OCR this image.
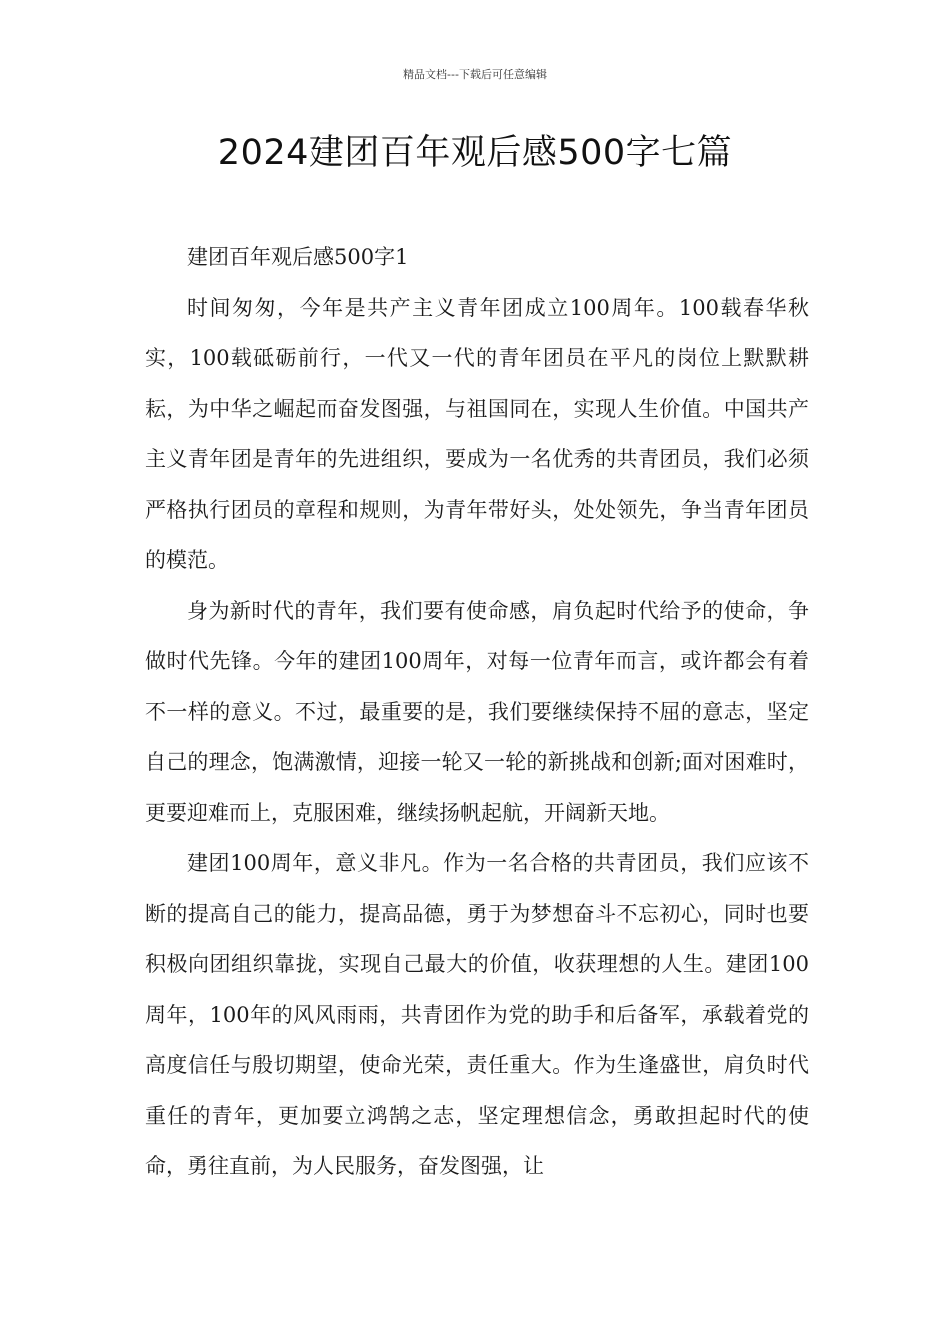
精品文档---下载后可任意编辑
2024建团百年观后感500字七篇

建团百年观后感500字1

时间匆匆，今年是共产主义青年团成立100周年。100载春华秋实，100载砥砺前行，一代又一代的青年团员在平凡的岗位上默默耕耘，为中华之崛起而奋发图强，与祖国同在，实现人生价值。中国共产主义青年团是青年的先进组织，要成为一名优秀的共青团员，我们必须严格执行团员的章程和规则，为青年带好头，处处领先，争当青年团员的模范。

身为新时代的青年，我们要有使命感，肩负起时代给予的使命，争做时代先锋。今年的建团100周年，对每一位青年而言，或许都会有着不一样的意义。不过，最重要的是，我们要继续保持不屈的意志，坚定自己的理念，饱满激情，迎接一轮又一轮的新挑战和创新;面对困难时，更要迎难而上，克服困难，继续扬帆起航，开阔新天地。

建团100周年，意义非凡。作为一名合格的共青团员，我们应该不断的提高自己的能力，提高品德，勇于为梦想奋斗不忘初心，同时也要积极向团组织靠拢，实现自己最大的价值，收获理想的人生。建团100周年，100年的风风雨雨，共青团作为党的助手和后备军，承载着党的高度信任与殷切期望，使命光荣，责任重大。作为生逢盛世，肩负时代重任的青年，更加要立鸿鹄之志，坚定理想信念，勇敢担起时代的使命，勇往直前，为人民服务，奋发图强，让
